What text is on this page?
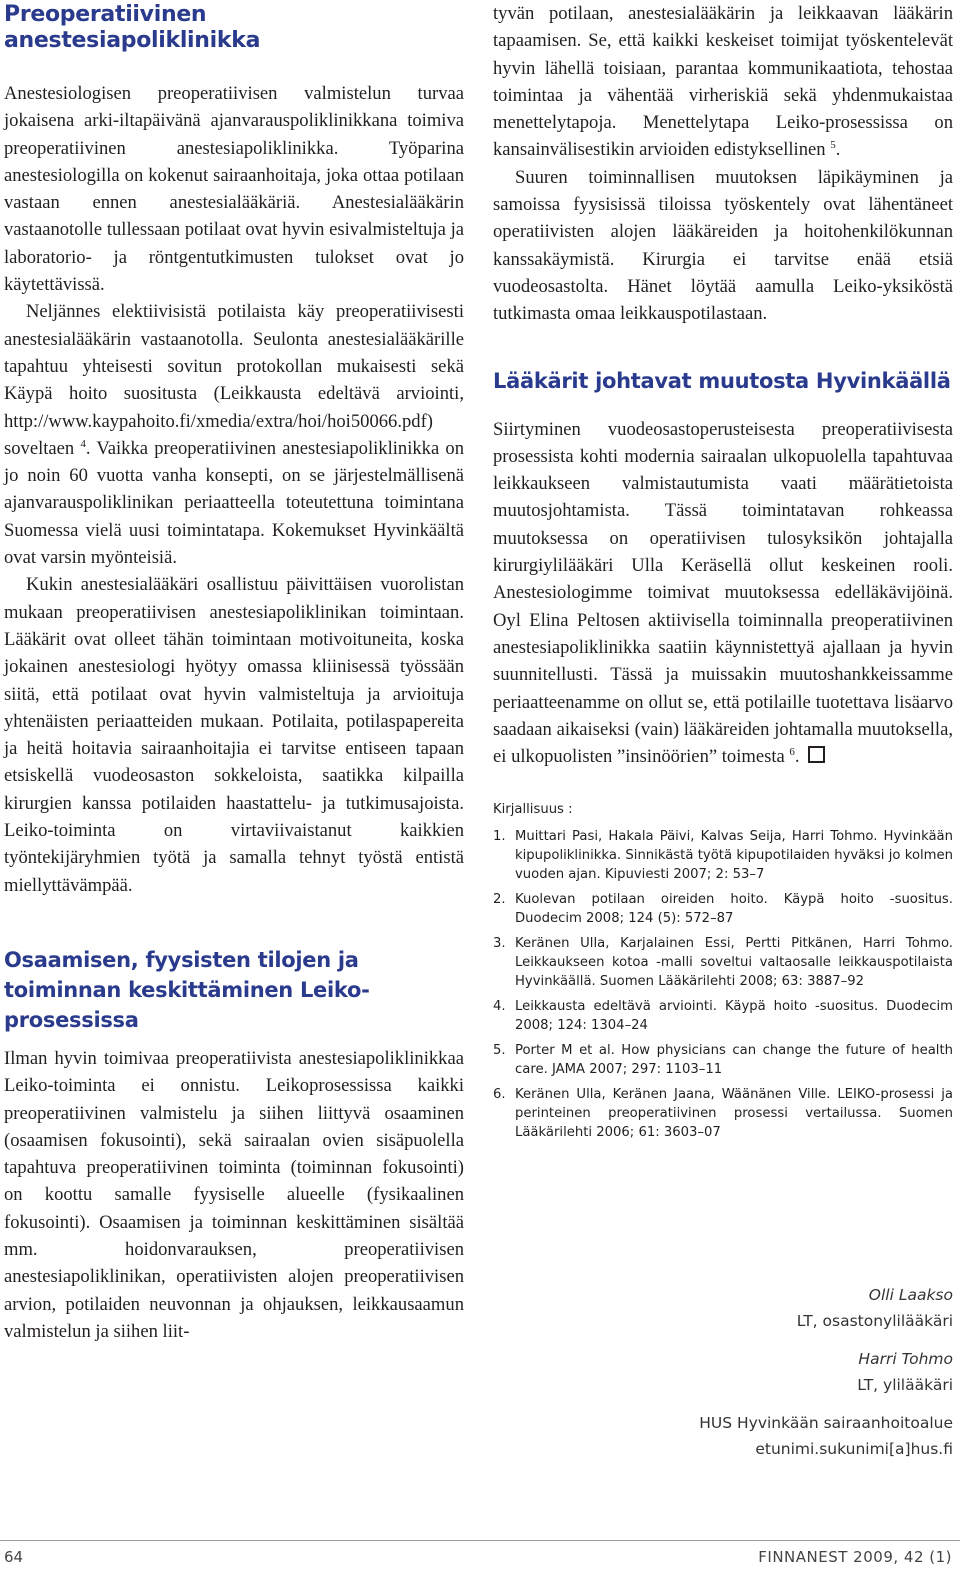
Preoperatiivinen anestesiapoliklinikka

Anestesiologisen preoperatiivisen valmistelun turvaa jokaisena arki-iltapäivänä ajanvarauspoliklinikkana toimiva preoperatiivinen anestesiapoliklinikka. Työparina anestesiologilla on kokenut sairaanhoitaja, joka ottaa potilaan vastaan ennen anestesialääkäriä. Anestesialääkärin vastaanotolle tullessaan potilaat ovat hyvin esivalmisteltuja ja laboratorio- ja röntgentutkimusten tulokset ovat jo käytettävissä.

Neljännes elektiivisistä potilaista käy preoperatiivisesti anestesialääkärin vastaanotolla. Seulonta anestesialääkärille tapahtuu yhteisesti sovitun protokollan mukaisesti sekä Käypä hoito suositusta (Leikkausta edeltävä arviointi, http://www.kaypahoito.fi/xmedia/extra/hoi/hoi50066.pdf) soveltaen $^4$. Vaikka preoperatiivinen anestesiapoliklinikka on jo noin 60 vuotta vanha konsepti, on se järjestelmällisenä ajanvarauspoliklinikan periaatteella toteutettuna toimintana Suomessa vielä uusi toimintatapa. Kokemukset Hyvinkäältä ovat varsin myönteisiä.

Kukin anestesialääkäri osallistuu päivittäisen vuorolistan mukaan preoperatiivisen anestesiapoliklinikan toimintaan. Lääkärit ovat olleet tähän toimintaan motivoituneita, koska jokainen anestesiologi hyötyy omassa kliinisessä työssään siitä, että potilaat ovat hyvin valmisteltuja ja arvioituja yhtenäisten periaatteiden mukaan. Potilaita, potilaspapereita ja heitä hoitavia sairaanhoitajia ei tarvitse entiseen tapaan etsiskellä vuodeosaston sokkeloista, saatikka kilpailla kirurgien kanssa potilaiden haastattelu- ja tutkimusajoista. Leiko-toiminta on virtaviivaistanut kaikkien työntekijäryhmien työtä ja samalla tehnyt työstä entistä miellyttävämpää.

Osaamisen, fyysisten tilojen ja toiminnan keskittäminen Leiko-prosessissa

Ilman hyvin toimivaa preoperatiivista anestesiapoliklinikkaa Leiko-toiminta ei onnistu. Leikoprosessissa kaikki preoperatiivinen valmistelu ja siihen liittyvä osaaminen (osaamisen fokusointi), sekä sairaalan ovien sisäpuolella tapahtuva preoperatiivinen toiminta (toiminnan fokusointi) on koottu samalle fyysiselle alueelle (fysikaalinen fokusointi). Osaamisen ja toiminnan keskittäminen sisältää mm. hoidonvarauksen, preoperatiivisen anestesiapoliklinikan, operatiivisten alojen preoperatiivisen arvion, potilaiden neuvonnan ja ohjauksen, leikkausaamun valmistelun ja siihen liit-

tyvän potilaan, anestesialääkärin ja leikkaavan lääkärin tapaamisen. Se, että kaikki keskeiset toimijat työskentelevät hyvin lähellä toisiaan, parantaa kommunikaatiota, tehostaa toimintaa ja vähentää virheriskiä sekä yhdenmukaistaa menettelytapoja. Menettelytapa Leiko-prosessissa on kansainvälisestikin arvioiden edistyksellinen $^5$.

Suuren toiminnallisen muutoksen läpikäyminen ja samoissa fyysisissä tiloissa työskentely ovat lähentäneet operatiivisten alojen lääkäreiden ja hoitohenkilökunnan kanssakäymistä. Kirurgia ei tarvitse enää etsiä vuodeosastolta. Hänet löytää aamulla Leiko-yksiköstä tutkimasta omaa leikkauspotilastaan.

Lääkärit johtavat muutosta Hyvinkäällä

Siirtyminen vuodeosastoperusteisesta preoperatiivisesta prosessista kohti modernia sairaalan ulkopuolella tapahtuvaa leikkaukseen valmistautumista vaati määrätietoista muutosjohtamista. Tässä toimintatavan rohkeassa muutoksessa on operatiivisen tulosyksikön johtajalla kirurgiylilääkäri Ulla Keräsellä ollut keskeinen rooli. Anestesiologimme toimivat muutoksessa edelläkävijöinä. Oyl Elina Peltosen aktiivisella toiminnalla preoperatiivinen anestesiapoliklinikka saatiin käynnistettyä ajallaan ja hyvin suunnitellusti. Tässä ja muissakin muutoshankkeissamme periaatteenamme on ollut se, että potilaille tuotettava lisäarvo saadaan aikaiseksi (vain) lääkäreiden johtamalla muutoksella, ei ulkopuolisten ”insinöörien” toimesta $^6$.

Kirjallisuus :
1. Muittari Pasi, Hakala Päivi, Kalvas Seija, Harri Tohmo. Hyvinkään kipupoliklinikka. Sinnikästä työtä kipupotilaiden hyväksi jo kolmen vuoden ajan. Kipuviesti 2007; 2: 53–7
2. Kuolevan potilaan oireiden hoito. Käypä hoito -suositus. Duodecim 2008; 124 (5): 572–87
3. Keränen Ulla, Karjalainen Essi, Pertti Pitkänen, Harri Tohmo. Leikkaukseen kotoa -malli soveltui valtaosalle leikkauspotilaista Hyvinkäällä. Suomen Lääkärilehti 2008; 63: 3887–92
4. Leikkausta edeltävä arviointi. Käypä hoito -suositus. Duodecim 2008; 124: 1304–24
5. Porter M et al. How physicians can change the future of health care. JAMA 2007; 297: 1103–11
6. Keränen Ulla, Keränen Jaana, Wäänänen Ville. LEIKO-prosessi ja perinteinen preoperatiivinen prosessi vertailussa. Suomen Lääkärilehti 2006; 61: 3603–07
Olli Laakso
LT, osastonylilääkäri
Harri Tohmo
LT, ylilääkäri
HUS Hyvinkään sairaanhoitoalue
etunimi.sukunimi[a]hus.fi
64	FINNANEST 2009, 42 (1)
